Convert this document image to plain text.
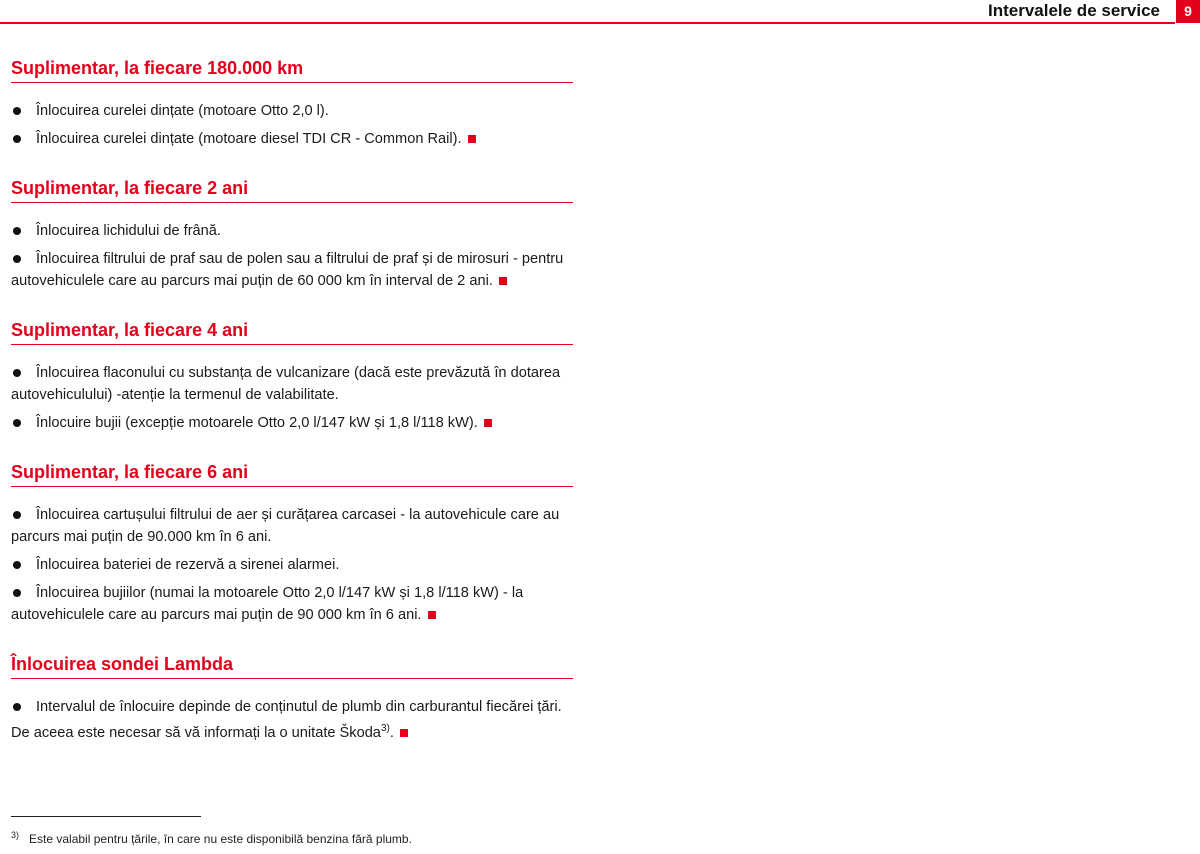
Intervalele de service	9
Suplimentar, la fiecare 180.000 km

Înlocuirea curelei dințate (motoare Otto 2,0 l).

Înlocuirea curelei dințate (motoare diesel TDI CR - Common Rail).

Suplimentar, la fiecare 2 ani

Înlocuirea lichidului de frână.

Înlocuirea filtrului de praf sau de polen sau a filtrului de praf și de mirosuri - pentru autovehiculele care au parcurs mai puțin de 60 000 km în interval de 2 ani.

Suplimentar, la fiecare 4 ani

Înlocuirea flaconului cu substanța de vulcanizare (dacă este prevăzută în dotarea autovehiculului) -atenție la termenul de valabilitate.

Înlocuire bujii (excepție motoarele Otto 2,0 l/147 kW și 1,8 l/118 kW).

Suplimentar, la fiecare 6 ani

Înlocuirea cartușului filtrului de aer și curățarea carcasei - la autovehicule care au parcurs mai puțin de 90.000 km în 6 ani.

Înlocuirea bateriei de rezervă a sirenei alarmei.

Înlocuirea bujiilor (numai la motoarele Otto 2,0 l/147 kW și 1,8 l/118 kW) - la autovehiculele care au parcurs mai puțin de 90 000 km în 6 ani.

Înlocuirea sondei Lambda

Intervalul de înlocuire depinde de conținutul de plumb din carburantul fiecărei țări. De aceea este necesar să vă informați la o unitate Škoda$^{3)}$.

$^{3)}$ Este valabil pentru țările, în care nu este disponibilă benzina fără plumb.
